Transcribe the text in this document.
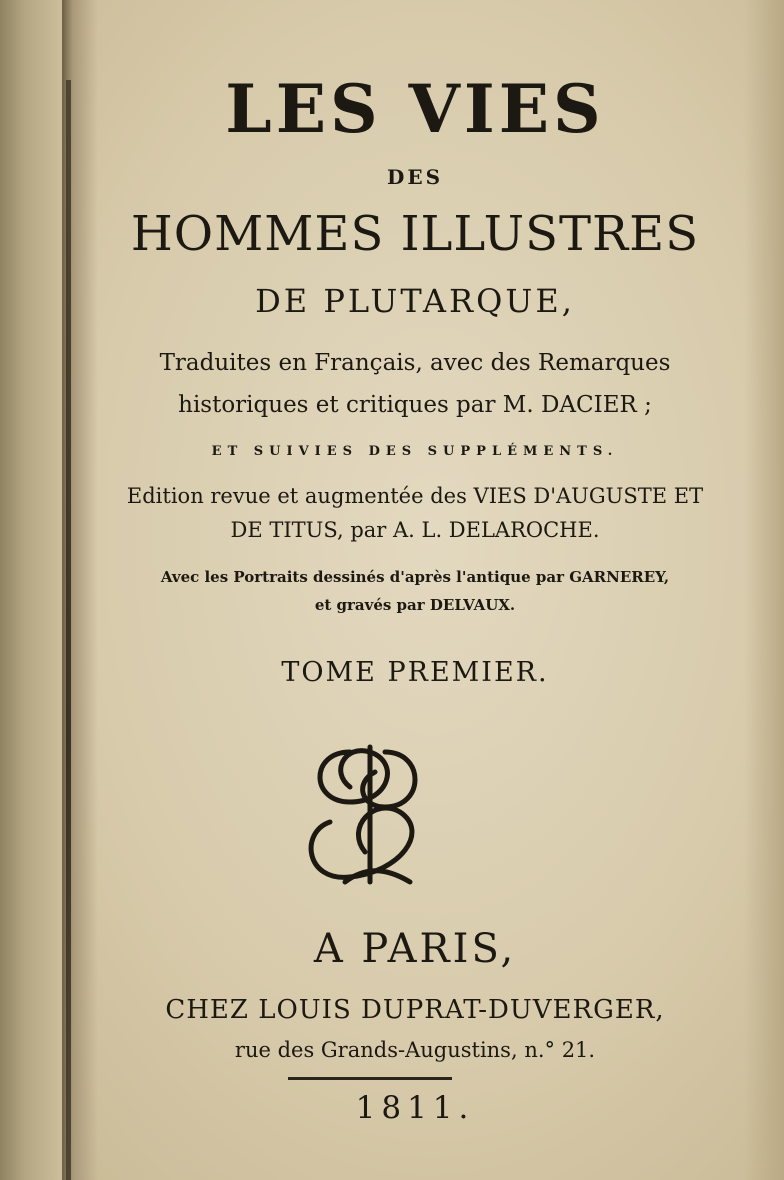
LES VIES
DES
HOMMES ILLUSTRES
DE PLUTARQUE,
Traduites en Français, avec des Remarques
historiques et critiques par M. DACIER ;
ET SUIVIES DES SUPPLÉMENTS.
Edition revue et augmentée des VIES D'AUGUSTE ET
DE TITUS, par A. L. DELAROCHE.
Avec les Portraits dessinés d'après l'antique par GARNEREY,
et gravés par DELVAUX.
TOME PREMIER.
A PARIS,
CHEZ LOUIS DUPRAT-DUVERGER,
rue des Grands-Augustins, n.° 21.
1811.
